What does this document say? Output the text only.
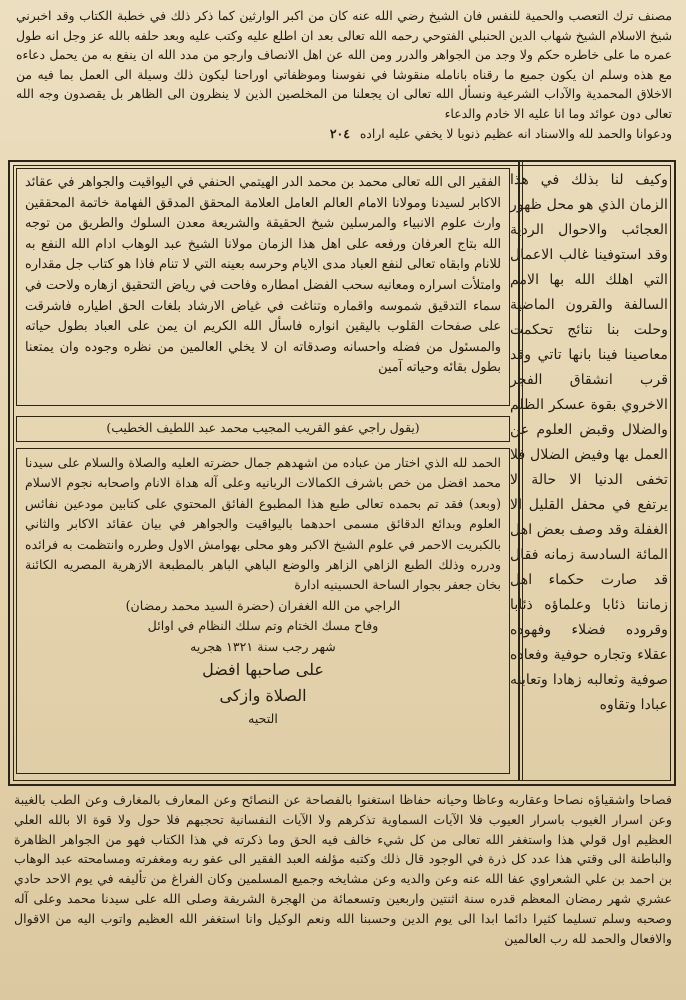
مصنف ترك التعصب والحمية للنفس فان الشيخ رضي الله عنه كان من اكبر الوارثين كما ذكر ذلك في خطبة الكتاب وقد اخبرني شيخ الاسلام الشيخ شهاب الدين الحنبلي الفتوحي رحمه الله تعالى بعد ان اطلع عليه وكتب عليه وبعد حلفه بالله عز وجل انه طول عمره ما على خاطره حكم ولا وجد من الجواهر والدرر ومن الله عن اهل الانصاف وارجو من مدد الله ان ينفع به من يحمل دعاءه مع هذه وسلم ان يكون جميع ما رقناه بانامله منقوشا في نفوسنا وموظفاتي اوراحنا ليكون ذلك وسيلة الى العمل بما فيه من الاخلاق المحمدية والآداب الشرعية ونسأل الله تعالى ان يجعلنا من المخلصين الذين لا ينظرون الى الظاهر بل يقصدون وجه الله تعالى دون عوائد وما انا عليه الا خادم والدعاء

ودعوانا والحمد لله والاسناد انه عظيم ذنوبا لا يخفي عليه اراده ٢٠٤

وكيف لنا بذلك في هذا الزمان الذي هو محل ظهور العجائب والاحوال الردية وقد استوفينا غالب الاعمال التي اهلك الله بها الامم السالفة والقرون الماضية وحلت بنا نتائج تحكمت معاصينا فينا بانها تاتي وقد قرب انشقاق الفجر الاخروي بقوة عسكر الظلم والضلال وقبض العلوم عن العمل بها وفيض الضلال فلا تخفى الدنيا الا حالة لا يرتفع في محفل القليل الا الغفلة وقد وصف بعض اهل المائة السادسة زمانه فقال قد صارت حكماء اهل زماننا ذئابا وعلماؤه ذئابا وقروده فضلاء وفهوده عقلاء وتجاره حوفية وفعاده صوفية وثعالبه زهادا وتعابنه عبادا وتقاوه

الفقير الى الله تعالى محمد بن محمد الدر الهيتمي الحنفي في اليواقيت والجواهر في عقائد الاكابر لسيدنا ومولانا الامام العالم العامل العلامة المحقق المدقق الفهامة خاتمة المحققين وارث علوم الانبياء والمرسلين شيخ الحقيقة والشريعة معدن السلوك والطريق من توجه الله بتاج العرفان ورفعه على اهل هذا الزمان مولانا الشيخ عبد الوهاب ادام الله النفع به للانام وابقاه تعالى لنفع العباد مدى الايام وحرسه بعينه التي لا تنام فاذا هو كتاب جل مقداره وامتلأت اسراره ومعانيه سحب الفضل امطاره وفاحت في رياض التحقيق ازهاره ولاحت في سماء التدقيق شموسه واقماره وتناغت في غياض الارشاد بلغات الحق اطياره فاشرقت على صفحات القلوب باليقين انواره فاسأل الله الكريم ان يمن على العباد بطول حياته والمسئول من فضله واحسانه وصدقاته ان لا يخلي العالمين من نظره وجوده وان يمتعنا بطول بقائه وحياته آمين

(يقول راجي عفو القريب المجيب محمد عبد اللطيف الخطيب)

الحمد لله الذي اختار من عباده من اشهدهم جمال حضرته العليه والصلاة والسلام على سيدنا محمد افضل من خص باشرف الكمالات الربانيه وعلى آله هداة الانام واصحابه نجوم الاسلام (وبعد) فقد تم بحمده تعالى طبع هذا المطبوع الفائق المحتوي على كتابين مودعين نفائس العلوم وبدائع الدقائق مسمى احدهما باليواقيت والجواهر في بيان عقائد الاكابر والثاني بالكبريت الاحمر في علوم الشيخ الاكبر وهو محلى بهوامش الاول وطرره وانتظمت به فرائده ودرره وذلك الطبع الزاهي الزاهر والوضع الباهي الباهر بالمطبعة الازهرية المصريه الكائنة بخان جعفر بجوار الساحة الحسينيه ادارة

الراجي من الله الغفران (حضرة السيد محمد رمضان)

وفاح مسك الختام وتم سلك النظام في اوائل

شهر رجب سنة ١٣٢١ هجريه

على صاحبها افضل

الصلاة وازكى

التحيه

فصاحا واشقياؤه نصاحا وعقاربه وعاظا وحيانه حفاظا استغنوا بالفصاحة عن النصائح وعن المعارف بالمغارف وعن الطب بالغيبة وعن اسرار الغيوب باسرار العيوب فلا الآيات السماوية تذكرهم ولا الآيات النفسانية تحجبهم فلا حول ولا قوة الا بالله العلي العظيم اول قولي هذا واستغفر الله تعالى من كل شيء خالف فيه الحق وما ذكرته في هذا الكتاب فهو من الجواهر الظاهرة والباطنة الى وقتي هذا عدد كل ذرة في الوجود قال ذلك وكتبه مؤلفه العبد الفقير الى عفو ربه ومغفرته ومسامحته عبد الوهاب بن احمد بن علي الشعراوي عفا الله عنه وعن والديه وعن مشايخه وجميع المسلمين وكان الفراغ من تأليفه في يوم الاحد حادي عشري شهر رمضان المعظم قدره سنة اثنتين واربعين وتسعمائة من الهجرة الشريفة وصلى الله على سيدنا محمد وعلى آله وصحبه وسلم تسليما كثيرا دائما ابدا الى يوم الدين وحسبنا الله ونعم الوكيل وانا استغفر الله العظيم واتوب اليه من الاقوال والافعال والحمد لله رب العالمين
